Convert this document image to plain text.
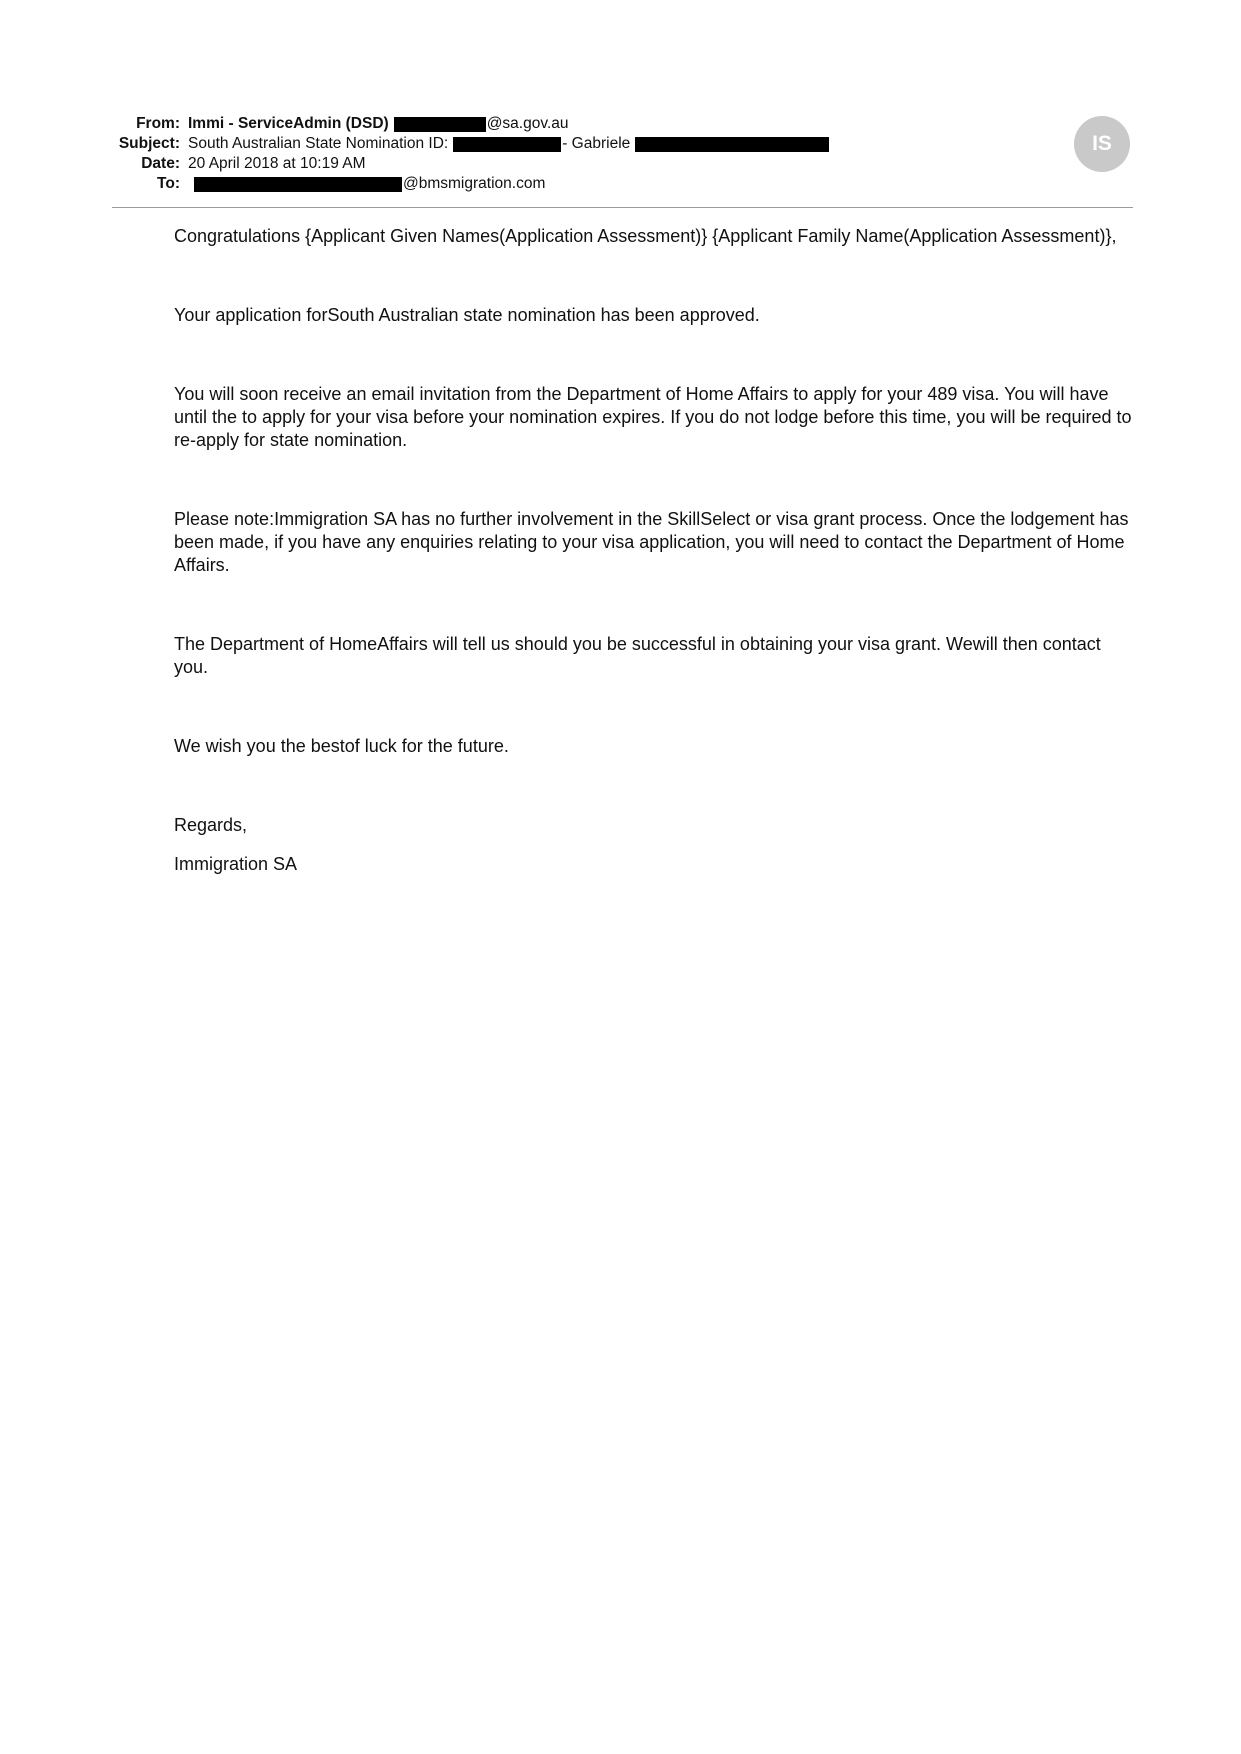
From: Immi - ServiceAdmin (DSD)	@sa.gov.au
Subject: South Australian State Nomination ID:	- Gabriele
Date: 20 April 2018 at 10:19 AM
To:	@bmsmigration.com
IS

Congratulations {Applicant Given Names(Application Assessment)} {Applicant Family Name(Application Assessment)},

Your application forSouth Australian state nomination has been approved.

You will soon receive an email invitation from the Department of Home Affairs to apply for your 489 visa. You will have until the to apply for your visa before your nomination expires. If you do not lodge before this time, you will be required to re-apply for state nomination.

Please note:Immigration SA has no further involvement in the SkillSelect or visa grant process. Once the lodgement has been made, if you have any enquiries relating to your visa application, you will need to contact the Department of Home Affairs.

The Department of HomeAffairs will tell us should you be successful in obtaining your visa grant. Wewill then contact you.

We wish you the bestof luck for the future.

Regards,

Immigration SA
